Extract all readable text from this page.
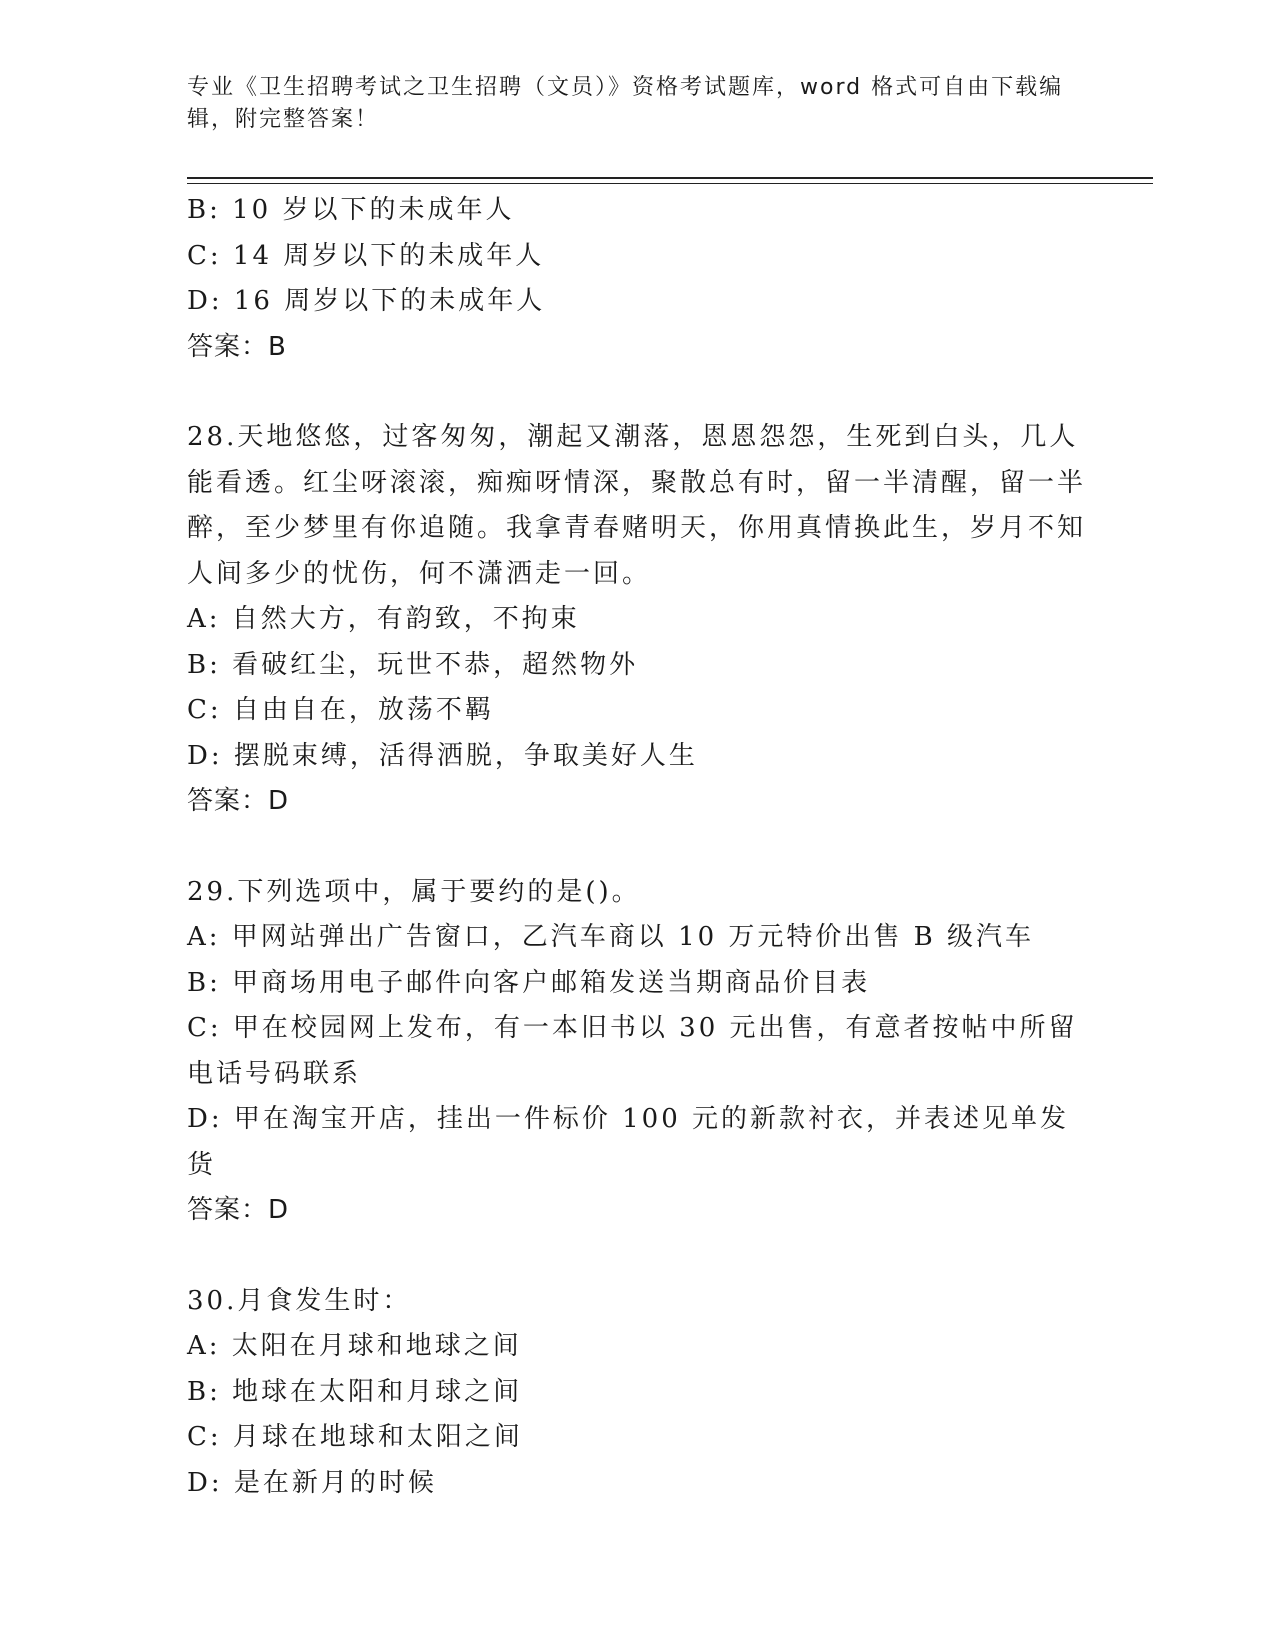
专业《卫生招聘考试之卫生招聘（文员）》资格考试题库，word 格式可自由下载编辑，附完整答案！
B: 10 岁以下的未成年人
C: 14 周岁以下的未成年人
D: 16 周岁以下的未成年人
答案：B
28.天地悠悠，过客匆匆，潮起又潮落，恩恩怨怨，生死到白头，几人能看透。红尘呀滚滚，痴痴呀情深，聚散总有时，留一半清醒，留一半醉，至少梦里有你追随。我拿青春赌明天，你用真情换此生，岁月不知人间多少的忧伤，何不潇洒走一回。
A: 自然大方，有韵致，不拘束
B: 看破红尘，玩世不恭，超然物外
C: 自由自在，放荡不羁
D: 摆脱束缚，活得洒脱，争取美好人生
答案：D
29.下列选项中，属于要约的是()。
A: 甲网站弹出广告窗口，乙汽车商以 10 万元特价出售 B 级汽车
B: 甲商场用电子邮件向客户邮箱发送当期商品价目表
C: 甲在校园网上发布，有一本旧书以 30 元出售，有意者按帖中所留电话号码联系
D: 甲在淘宝开店，挂出一件标价 100 元的新款衬衣，并表述见单发货
答案：D
30.月食发生时：
A: 太阳在月球和地球之间
B: 地球在太阳和月球之间
C: 月球在地球和太阳之间
D: 是在新月的时候
